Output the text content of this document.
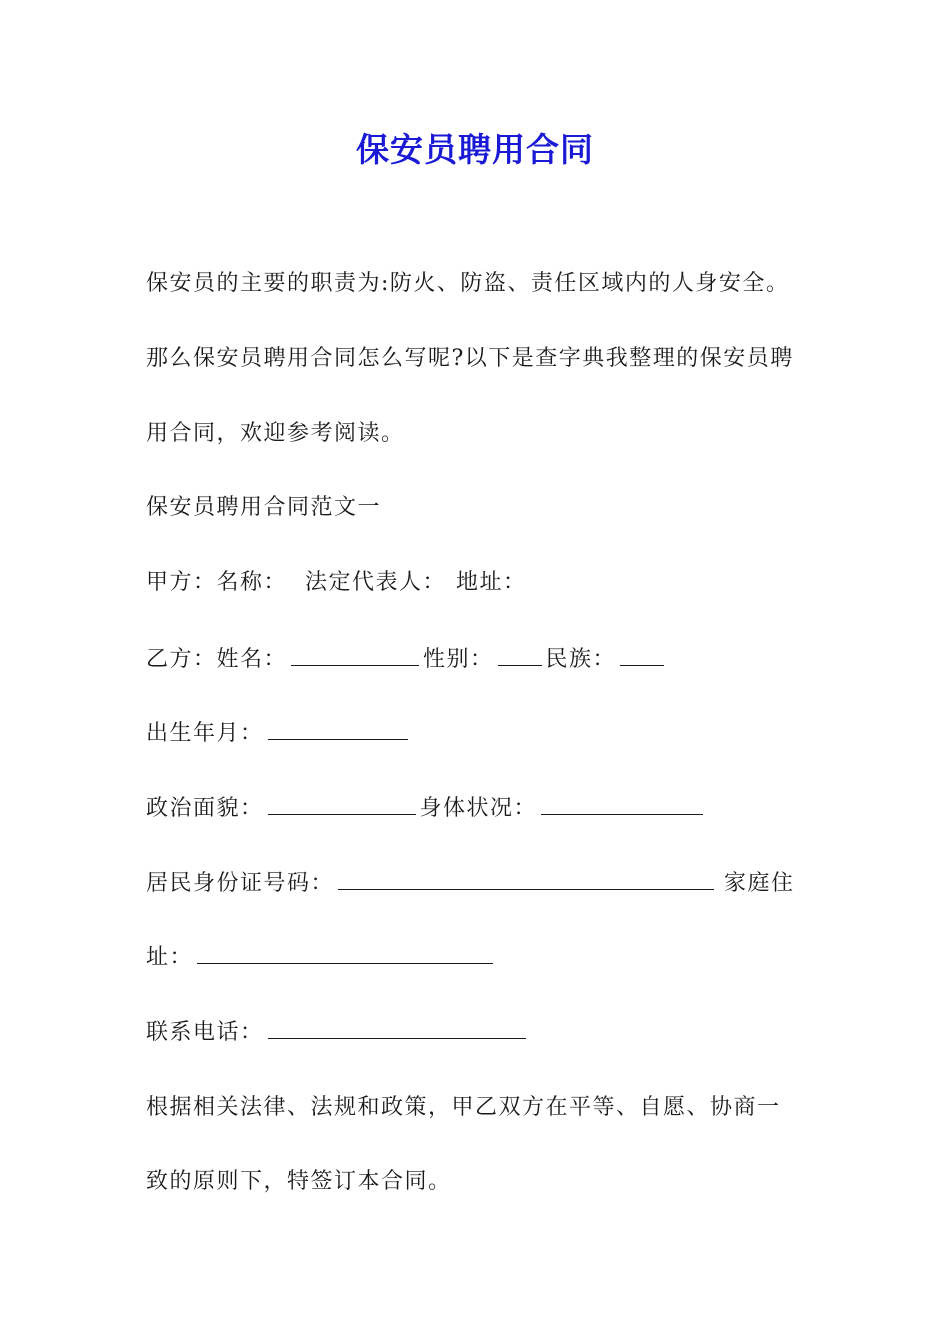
保安员聘用合同
保安员的主要的职责为:防火、防盗、责任区域内的人身安全。
那么保安员聘用合同怎么写呢?以下是查字典我整理的保安员聘
用合同，欢迎参考阅读。
保安员聘用合同范文一
甲方：名称： 法定代表人： 地址：
乙方：姓名：	性别： 民族：
出生年月：
政治面貌：	身体状况：
居民身份证号码：	家庭住
址：
联系电话：
根据相关法律、法规和政策，甲乙双方在平等、自愿、协商一
致的原则下，特签订本合同。
